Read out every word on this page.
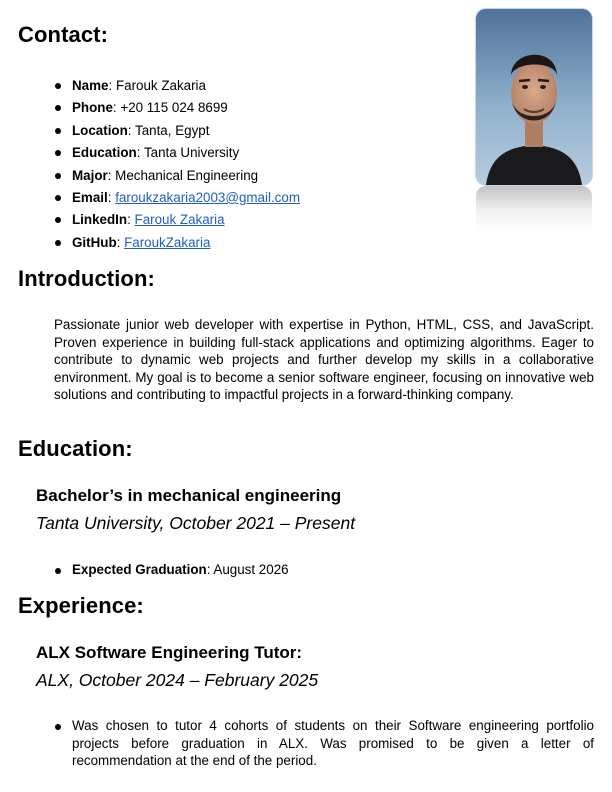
Contact:
Name: Farouk Zakaria
Phone: +20 115 024 8699
Location: Tanta, Egypt
Education: Tanta University
Major: Mechanical Engineering
Email: faroukzakaria2003@gmail.com
LinkedIn: Farouk Zakaria
GitHub: FaroukZakaria
Introduction:

Passionate junior web developer with expertise in Python, HTML, CSS, and JavaScript. Proven experience in building full-stack applications and optimizing algorithms. Eager to contribute to dynamic web projects and further develop my skills in a collaborative environment. My goal is to become a senior software engineer, focusing on innovative web solutions and contributing to impactful projects in a forward-thinking company.

Education:
Bachelor’s in mechanical engineering

Tanta University, October 2021 – Present

Expected Graduation: August 2026
Experience:
ALX Software Engineering Tutor:

ALX, October 2024 – February 2025

Was chosen to tutor 4 cohorts of students on their Software engineering portfolio projects before graduation in ALX. Was promised to be given a letter of recommendation at the end of the period.
